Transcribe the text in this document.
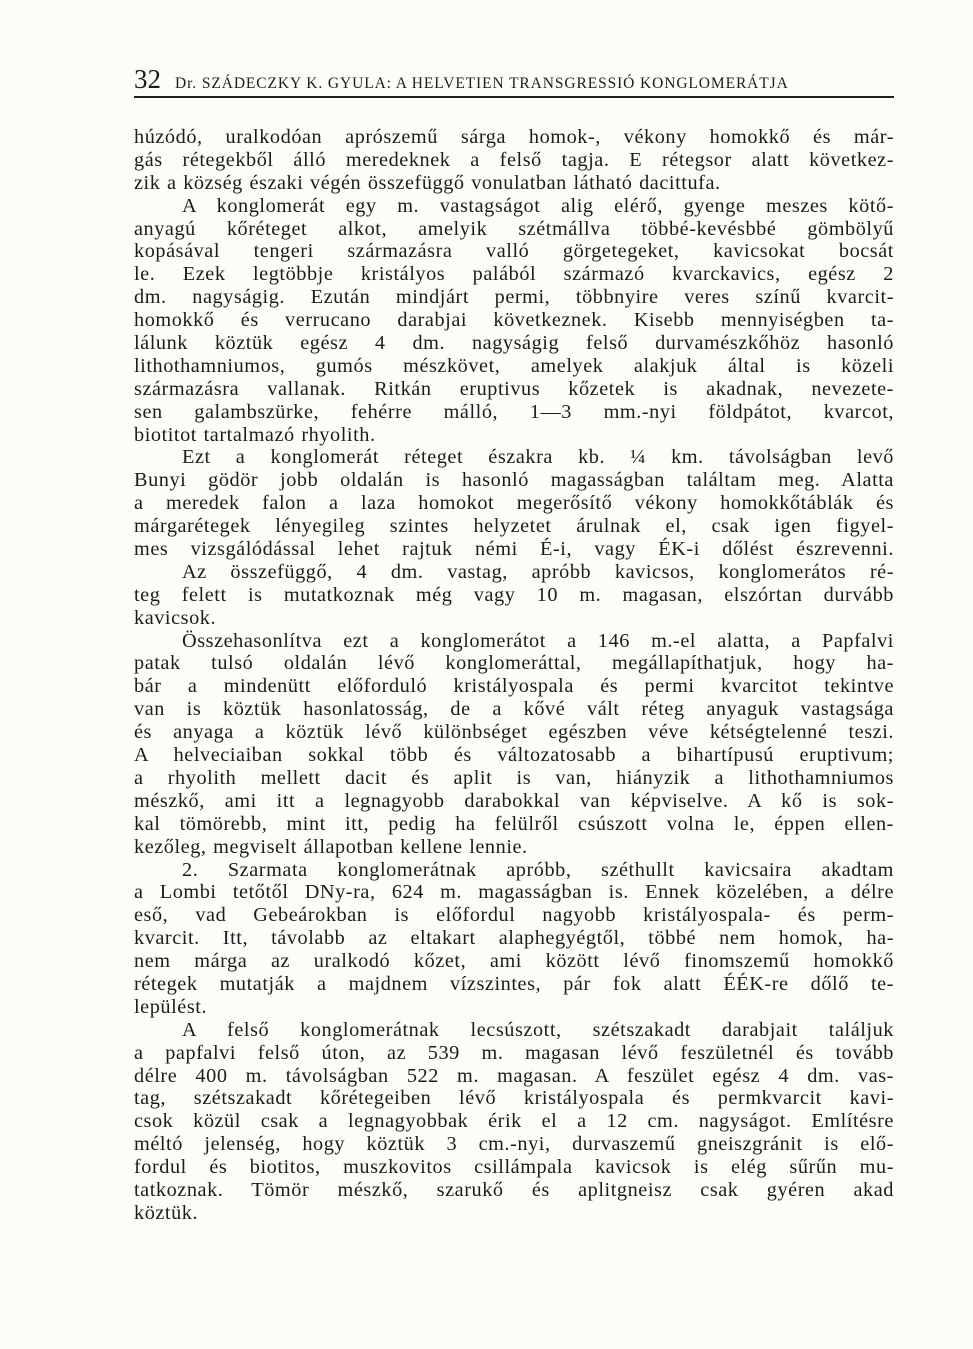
32 Dr. SZÁDECZKY K. GYULA: A HELVETIEN TRANSGRESSIÓ KONGLOMERÁTJA
húzódó, uralkodóan aprószemű sárga homok-, vékony homokkő és már-
gás rétegekből álló meredeknek a felső tagja. E rétegsor alatt következ-
zik a község északi végén összefüggő vonulatban látható dacittufa.
A konglomerát egy m. vastagságot alig elérő, gyenge meszes kötő-
anyagú kőréteget alkot, amelyik szétmállva többé-kevésbbé gömbölyű
kopásával tengeri származásra valló görgetegeket, kavicsokat bocsát
le. Ezek legtöbbje kristályos palából származó kvarckavics, egész 2
dm. nagyságig. Ezután mindjárt permi, többnyire veres színű kvarcit-
homokkő és verrucano darabjai következnek. Kisebb mennyiségben ta-
lálunk köztük egész 4 dm. nagyságig felső durvamészkőhöz hasonló
lithothamniumos, gumós mészkövet, amelyek alakjuk által is közeli
származásra vallanak. Ritkán eruptivus kőzetek is akadnak, nevezete-
sen galambszürke, fehérre málló, 1—3 mm.-nyi földpátot, kvarcot,
biotitot tartalmazó rhyolith.
Ezt a konglomerát réteget északra kb. ¼ km. távolságban levő
Bunyi gödör jobb oldalán is hasonló magasságban találtam meg. Alatta
a meredek falon a laza homokot megerősítő vékony homokkőtáblák és
márgarétegek lényegileg szintes helyzetet árulnak el, csak igen figyel-
mes vizsgálódással lehet rajtuk némi É-i, vagy ÉK-i dőlést észrevenni.
Az összefüggő, 4 dm. vastag, apróbb kavicsos, konglomerátos ré-
teg felett is mutatkoznak még vagy 10 m. magasan, elszórtan durvább
kavicsok.
Összehasonlítva ezt a konglomerátot a 146 m.-el alatta, a Papfalvi
patak tulsó oldalán lévő konglomeráttal, megállapíthatjuk, hogy ha-
bár a mindenütt előforduló kristályospala és permi kvarcitot tekintve
van is köztük hasonlatosság, de a kővé vált réteg anyaguk vastagsága
és anyaga a köztük lévő különbséget egészben véve kétségtelenné teszi.
A helveciaiban sokkal több és változatosabb a bihartípusú eruptivum;
a rhyolith mellett dacit és aplit is van, hiányzik a lithothamniumos
mészkő, ami itt a legnagyobb darabokkal van képviselve. A kő is sok-
kal tömörebb, mint itt, pedig ha felülről csúszott volna le, éppen ellen-
kezőleg, megviselt állapotban kellene lennie.
2. Szarmata konglomerátnak apróbb, széthullt kavicsaira akadtam
a Lombi tetőtől DNy-ra, 624 m. magasságban is. Ennek közelében, a délre
eső, vad Gebeárokban is előfordul nagyobb kristályospala- és perm-
kvarcit. Itt, távolabb az eltakart alaphegyégtől, többé nem homok, ha-
nem márga az uralkodó kőzet, ami között lévő finomszemű homokkő
rétegek mutatják a majdnem vízszintes, pár fok alatt ÉÉK-re dőlő te-
lepülést.
A felső konglomerátnak lecsúszott, szétszakadt darabjait találjuk
a papfalvi felső úton, az 539 m. magasan lévő feszületnél és tovább
délre 400 m. távolságban 522 m. magasan. A feszület egész 4 dm. vas-
tag, szétszakadt kőrétegeiben lévő kristályospala és permkvarcit kavi-
csok közül csak a legnagyobbak érik el a 12 cm. nagyságot. Említésre
méltó jelenség, hogy köztük 3 cm.-nyi, durvaszemű gneiszgránit is elő-
fordul és biotitos, muszkovitos csillámpala kavicsok is elég sűrűn mu-
tatkoznak. Tömör mészkő, szarukő és aplitgneisz csak gyéren akad
köztük.
